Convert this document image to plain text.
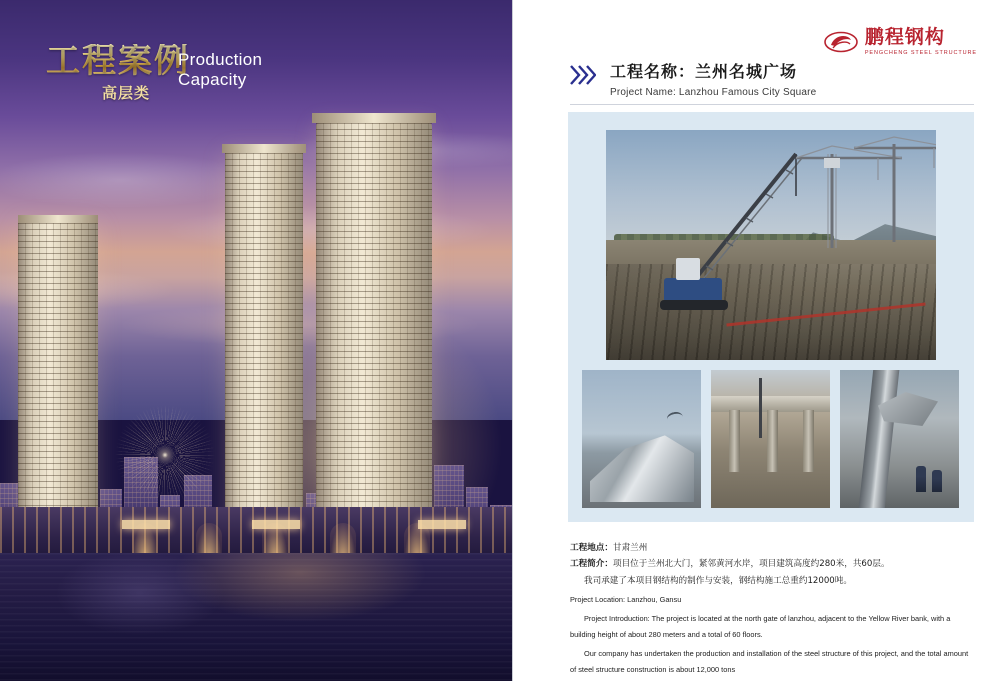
工程案例
高层类
Production
Capacity
鹏程钢构
PENGCHENG STEEL STRUCTURE
工程名称：兰州名城广场
Project Name: Lanzhou Famous City Square
工程地点：甘肃兰州
工程简介：项目位于兰州北大门，紧邻黄河水岸，项目建筑高度约280米，共60层。
我司承建了本项目钢结构的制作与安装，钢结构施工总重约12000吨。
Project Location: Lanzhou, Gansu
Project Introduction: The project is located at the north gate of lanzhou, adjacent to the Yellow River bank, with a building height of about 280 meters and a total of 60 floors.
Our company has undertaken the production and installation of the steel structure of this project, and the total amount of steel structure construction is about 12,000 tons
